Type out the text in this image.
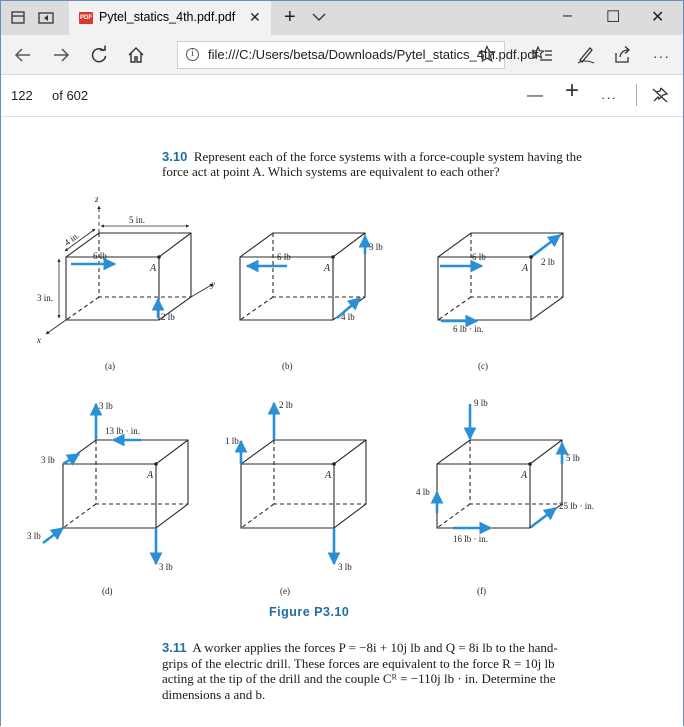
PDF Pytel_statics_4th.pdf.pdf ✕ +	– ☐ ✕
i	file:///C:/Users/betsa/Downloads/Pytel_statics_4th.pdf.pdf	···
122 of 602	— + ···
3.10 Represent each of the force systems with a force-couple system having the
force act at point A. Which systems are equivalent to each other?
A	A	A
A	A	A
z
y
x
5 in.
4 in.
3 in.
6 lb
2 lb
6 lb
3 lb
4 lb
6 lb	2 lb
6 lb · in.
3 lb
13 lb · in.
3 lb
3 lb
3 lb
2 lb
1 lb
3 lb
9 lb
5 lb
4 lb
25 lb · in.
16 lb · in.
(a)	(b)	(c)
(d)	(e)	(f)
Figure P3.10
3.11 A worker applies the forces P = −8i + 10j lb and Q = 8i lb to the hand-
grips of the electric drill. These forces are equivalent to the force R = 10j lb
acting at the tip of the drill and the couple Cᴿ = −110j lb · in. Determine the
dimensions a and b.
